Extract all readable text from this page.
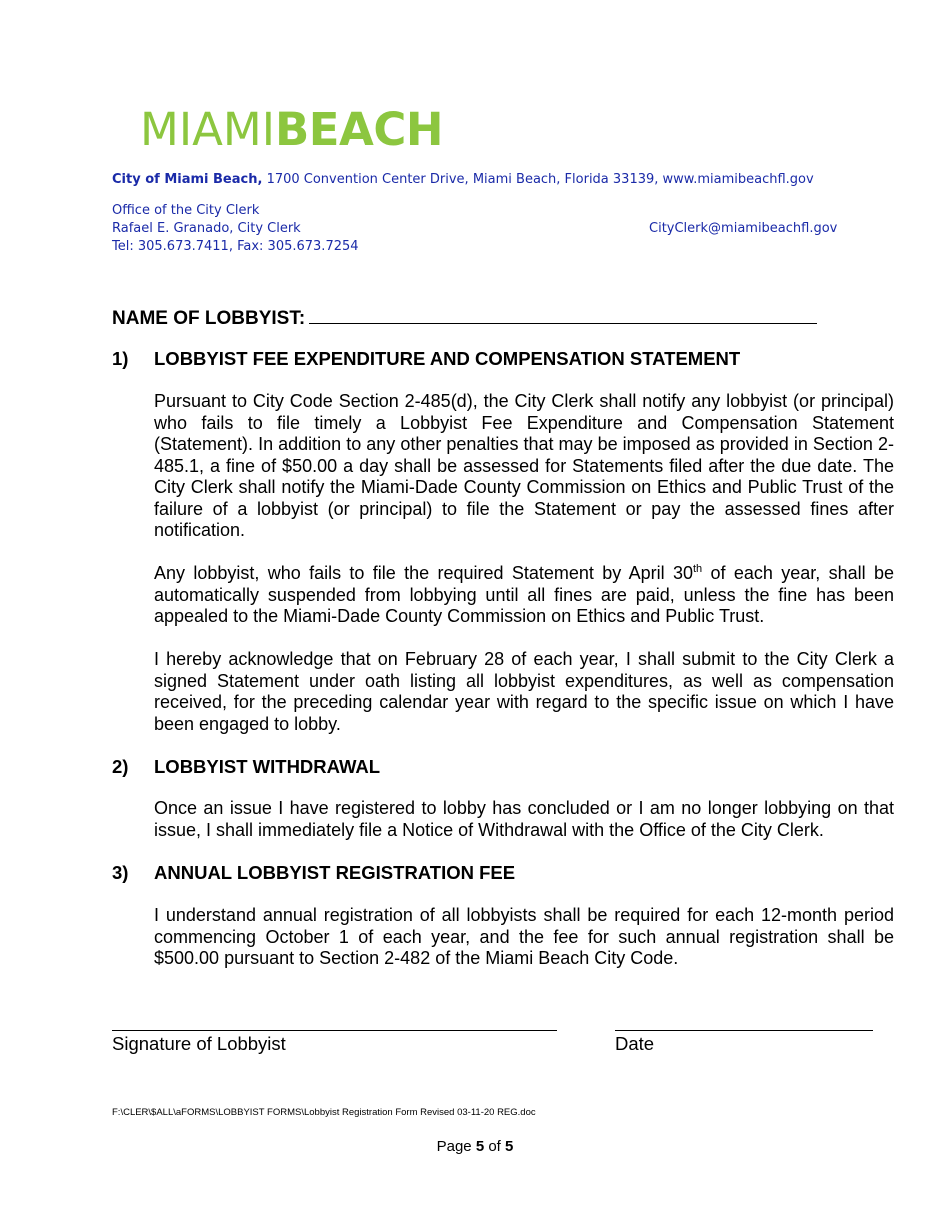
MIAMIBEACH
City of Miami Beach, 1700 Convention Center Drive, Miami Beach, Florida 33139, www.miamibeachfl.gov
Office of the City Clerk
Rafael E. Granado, City Clerk
Tel: 305.673.7411, Fax: 305.673.7254
CityClerk@miamibeachfl.gov
NAME OF LOBBYIST:
1) LOBBYIST FEE EXPENDITURE AND COMPENSATION STATEMENT
Pursuant to City Code Section 2-485(d), the City Clerk shall notify any lobbyist (or principal) who fails to file timely a Lobbyist Fee Expenditure and Compensation Statement (Statement). In addition to any other penalties that may be imposed as provided in Section 2-485.1, a fine of $50.00 a day shall be assessed for Statements filed after the due date. The City Clerk shall notify the Miami-Dade County Commission on Ethics and Public Trust of the failure of a lobbyist (or principal) to file the Statement or pay the assessed fines after notification.
Any lobbyist, who fails to file the required Statement by April 30th of each year, shall be automatically suspended from lobbying until all fines are paid, unless the fine has been appealed to the Miami-Dade County Commission on Ethics and Public Trust.
I hereby acknowledge that on February 28 of each year, I shall submit to the City Clerk a signed Statement under oath listing all lobbyist expenditures, as well as compensation received, for the preceding calendar year with regard to the specific issue on which I have been engaged to lobby.
2) LOBBYIST WITHDRAWAL
Once an issue I have registered to lobby has concluded or I am no longer lobbying on that issue, I shall immediately file a Notice of Withdrawal with the Office of the City Clerk.
3) ANNUAL LOBBYIST REGISTRATION FEE
I understand annual registration of all lobbyists shall be required for each 12-month period commencing October 1 of each year, and the fee for such annual registration shall be $500.00 pursuant to Section 2-482 of the Miami Beach City Code.
Signature of Lobbyist	Date
F:\CLER\$ALL\aFORMS\LOBBYIST FORMS\Lobbyist Registration Form Revised 03-11-20 REG.doc
Page 5 of 5
